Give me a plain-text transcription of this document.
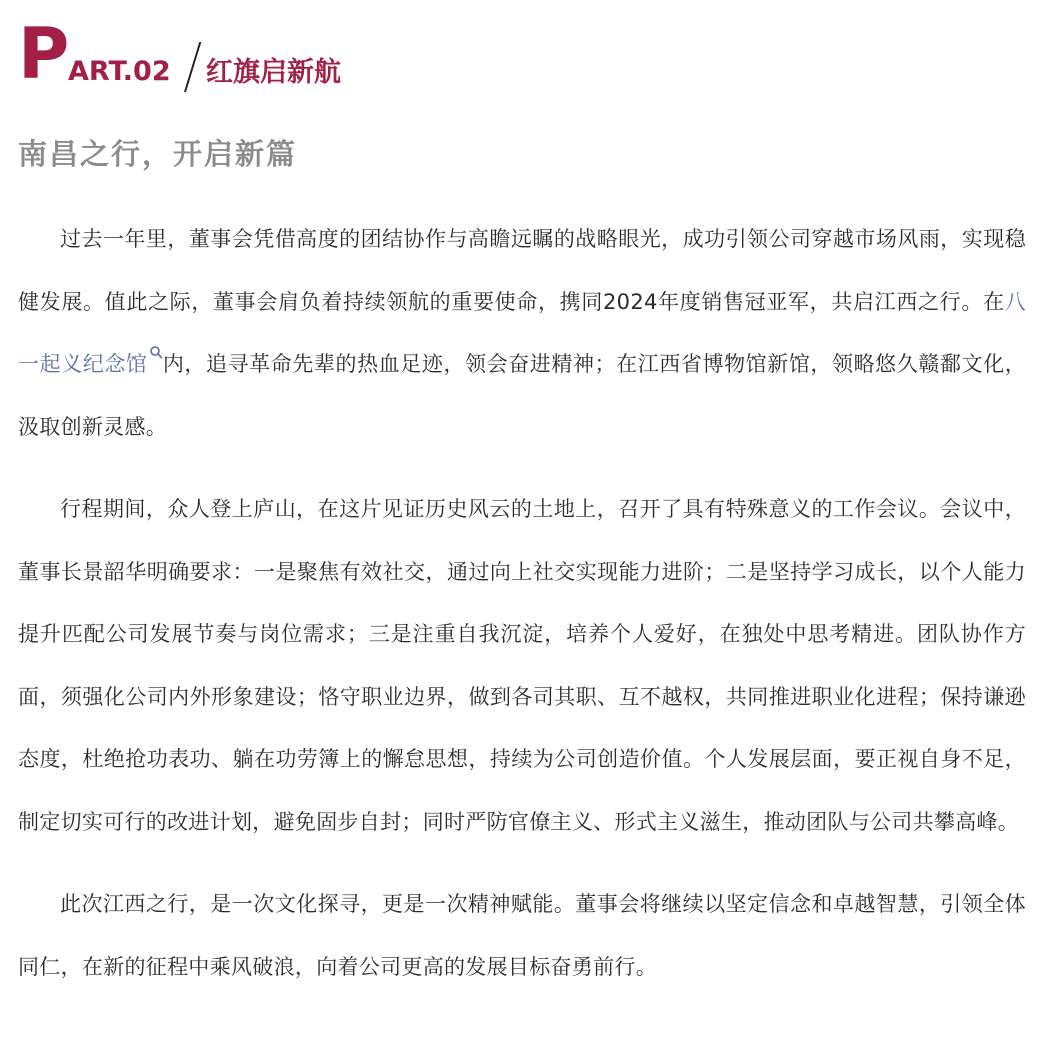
P
ART.02 红旗启新航
南昌之行，开启新篇

过去一年里，董事会凭借高度的团结协作与高瞻远瞩的战略眼光，成功引领公司穿越市场风雨，实现稳健发展。值此之际，董事会肩负着持续领航的重要使命，携同2024年度销售冠亚军，共启江西之行。在八一起义纪念馆 内，追寻革命先辈的热血足迹，领会奋进精神；在江西省博物馆新馆，领略悠久赣鄱文化，汲取创新灵感。

行程期间，众人登上庐山，在这片见证历史风云的土地上，召开了具有特殊意义的工作会议。会议中，董事长景韶华明确要求：一是聚焦有效社交，通过向上社交实现能力进阶；二是坚持学习成长，以个人能力提升匹配公司发展节奏与岗位需求；三是注重自我沉淀，培养个人爱好，在独处中思考精进。团队协作方面，须强化公司内外形象建设；恪守职业边界，做到各司其职、互不越权，共同推进职业化进程；保持谦逊态度，杜绝抢功表功、躺在功劳簿上的懈怠思想，持续为公司创造价值。个人发展层面，要正视自身不足，制定切实可行的改进计划，避免固步自封；同时严防官僚主义、形式主义滋生，推动团队与公司共攀高峰。

此次江西之行，是一次文化探寻，更是一次精神赋能。董事会将继续以坚定信念和卓越智慧，引领全体同仁，在新的征程中乘风破浪，向着公司更高的发展目标奋勇前行。
